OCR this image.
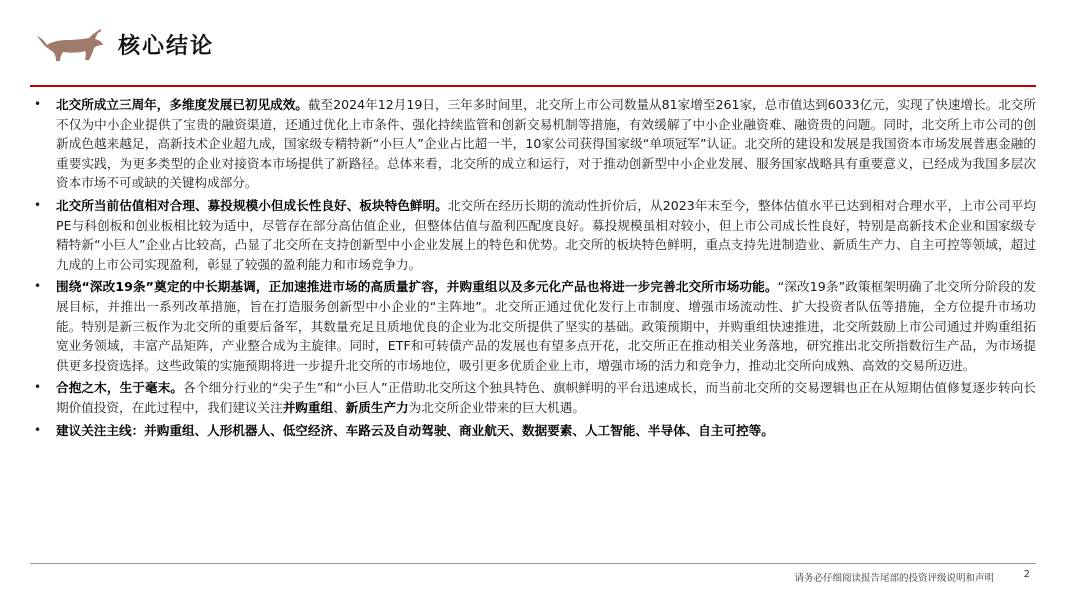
核心结论
• 北交所成立三周年，多维度发展已初见成效。截至2024年12月19日，三年多时间里，北交所上市公司数量从81家增至261家，总市值达到6033亿元，实现了快速增长。北交所不仅为中小企业提供了宝贵的融资渠道，还通过优化上市条件、强化持续监管和创新交易机制等措施，有效缓解了中小企业融资难、融资贵的问题。同时，北交所上市公司的创新成色越来越足，高新技术企业超九成，国家级专精特新“小巨人”企业占比超一半，10家公司获得国家级“单项冠军”认证。北交所的建设和发展是我国资本市场发展普惠金融的重要实践，为更多类型的企业对接资本市场提供了新路径。总体来看，北交所的成立和运行，对于推动创新型中小企业发展、服务国家战略具有重要意义，已经成为我国多层次资本市场不可或缺的关键构成部分。
• 北交所当前估值相对合理、募投规模小但成长性良好、板块特色鲜明。北交所在经历长期的流动性折价后，从2023年末至今，整体估值水平已达到相对合理水平，上市公司平均PE与科创板和创业板相比较为适中，尽管存在部分高估值企业，但整体估值与盈利匹配度良好。募投规模虽相对较小，但上市公司成长性良好，特别是高新技术企业和国家级专精特新“小巨人”企业占比较高，凸显了北交所在支持创新型中小企业发展上的特色和优势。北交所的板块特色鲜明，重点支持先进制造业、新质生产力、自主可控等领域，超过九成的上市公司实现盈利，彰显了较强的盈利能力和市场竞争力。
• 围绕“深改19条”奠定的中长期基调，正加速推进市场的高质量扩容，并购重组以及多元化产品也将进一步完善北交所市场功能。“深改19条”政策框架明确了北交所分阶段的发展目标，并推出一系列改革措施，旨在打造服务创新型中小企业的“主阵地”。北交所正通过优化发行上市制度、增强市场流动性、扩大投资者队伍等措施，全方位提升市场功能。特别是新三板作为北交所的重要后备军，其数量充足且质地优良的企业为北交所提供了坚实的基础。政策预期中，并购重组快速推进，北交所鼓励上市公司通过并购重组拓宽业务领域，丰富产品矩阵，产业整合成为主旋律。同时，ETF和可转债产品的发展也有望多点开花，北交所正在推动相关业务落地，研究推出北交所指数衍生产品，为市场提供更多投资选择。这些政策的实施预期将进一步提升北交所的市场地位，吸引更多优质企业上市，增强市场的活力和竞争力，推动北交所向成熟、高效的交易所迈进。
• 合抱之木，生于毫末。各个细分行业的“尖子生”和“小巨人”正借助北交所这个独具特色、旗帜鲜明的平台迅速成长，而当前北交所的交易逻辑也正在从短期估值修复逐步转向长期价值投资，在此过程中，我们建议关注并购重组、新质生产力为北交所企业带来的巨大机遇。
• 建议关注主线：并购重组、人形机器人、低空经济、车路云及自动驾驶、商业航天、数据要素、人工智能、半导体、自主可控等。
请务必仔细阅读报告尾部的投资评级说明和声明	2
